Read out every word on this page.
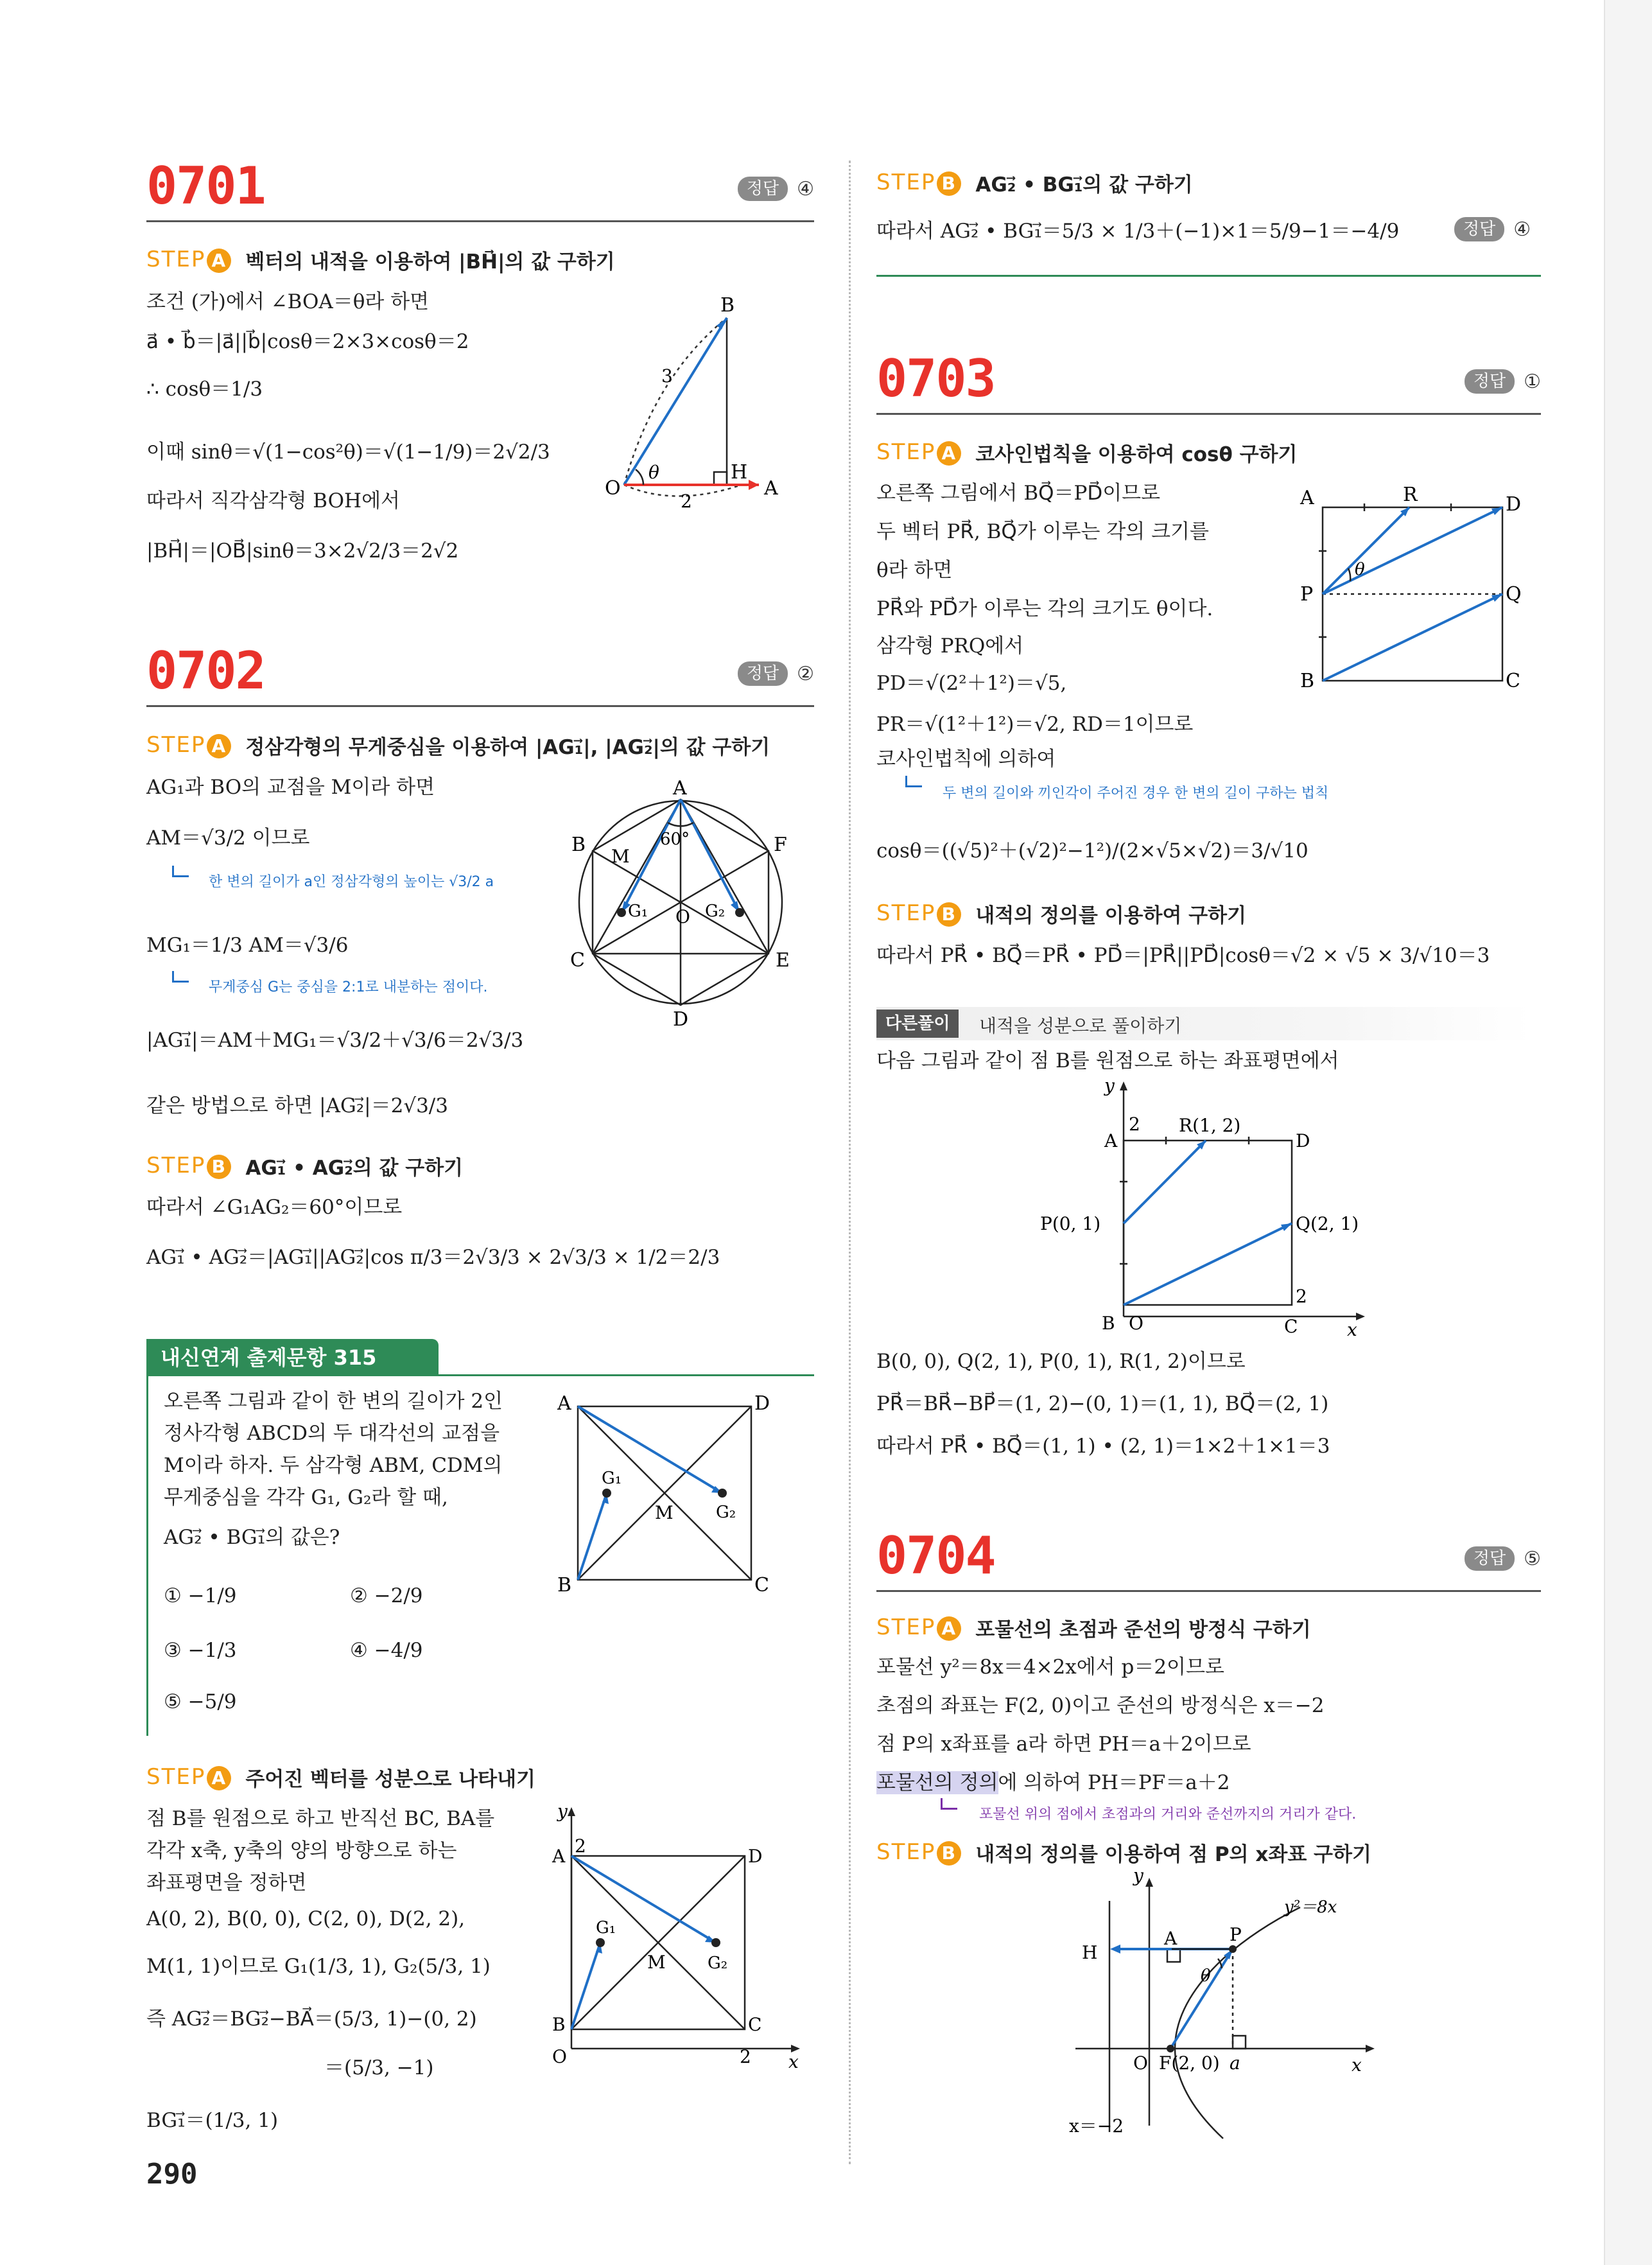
0701	정답 ④
STEP A 벡터의 내적을 이용하여 |BH⃗|의 값 구하기
조건 (가)에서 ∠BOA＝θ라 하면
a⃗ • b⃗＝|a⃗||b⃗|cosθ＝2×3×cosθ＝2
∴ cosθ＝1/3
이때 sinθ＝√(1−cos²θ)＝√(1−1/9)＝2√2/3
따라서 직각삼각형 BOH에서
|BH⃗|＝|OB⃗|sinθ＝3×2√2/3＝2√2
B
O
H
A
θ
3
2
0702	정답 ②
STEP A 정삼각형의 무게중심을 이용하여 |AG₁⃗|, |AG₂⃗|의 값 구하기
AG₁과 BO의 교점을 M이라 하면
AM＝√3/2 이므로
한 변의 길이가 a인 정삼각형의 높이는 √3/2 a
MG₁＝1/3 AM＝√3/6
무게중심 G는 중심을 2:1로 내분하는 점이다.
|AG₁⃗|＝AM＋MG₁＝√3/2＋√3/6＝2√3/3
같은 방법으로 하면 |AG₂⃗|＝2√3/3
STEP B AG₁⃗ • AG₂⃗의 값 구하기
따라서 ∠G₁AG₂＝60°이므로
AG₁⃗ • AG₂⃗＝|AG₁⃗||AG₂⃗|cos π/3＝2√3/3 × 2√3/3 × 1/2＝2/3
A
B	F
C	E
D
M
O
G₁	G₂
60°
내신연계 출제문항 315
오른쪽 그림과 같이 한 변의 길이가 2인
정사각형 ABCD의 두 대각선의 교점을
M이라 하자. 두 삼각형 ABM, CDM의
무게중심을 각각 G₁, G₂라 할 때,
AG₂⃗ • BG₁⃗의 값은?
① −1/9	② −2/9
③ −1/3	④ −4/9
⑤ −5/9
A	D
B	C
M
G₁
G₂
STEP A 주어진 벡터를 성분으로 나타내기
점 B를 원점으로 하고 반직선 BC, BA를
각각 x축, y축의 양의 방향으로 하는
좌표평면을 정하면
A(0, 2), B(0, 0), C(2, 0), D(2, 2),
M(1, 1)이므로 G₁(1/3, 1), G₂(5/3, 1)
즉 AG₂⃗＝BG₂⃗−BA⃗＝(5/3, 1)−(0, 2)
＝(5/3, −1)
BG₁⃗＝(1/3, 1)
y
x
A 2	D
B
O
C
2
M
G₁
G₂
290
STEP B AG₂⃗ • BG₁⃗의 값 구하기
따라서 AG₂⃗ • BG₁⃗＝5/3 × 1/3＋(−1)×1＝5/9−1＝−4/9	정답 ④
0703	정답 ①
STEP A 코사인법칙을 이용하여 cosθ 구하기
오른쪽 그림에서 BQ⃗＝PD⃗이므로
두 벡터 PR⃗, BQ⃗가 이루는 각의 크기를
θ라 하면
PR⃗와 PD⃗가 이루는 각의 크기도 θ이다.
삼각형 PRQ에서
PD＝√(2²＋1²)＝√5,
PR＝√(1²＋1²)＝√2, RD＝1이므로
코사인법칙에 의하여
두 변의 길이와 끼인각이 주어진 경우 한 변의 길이 구하는 법칙
cosθ＝((√5)²＋(√2)²−1²)/(2×√5×√2)＝3/√10
STEP B 내적의 정의를 이용하여 구하기
따라서 PR⃗ • BQ⃗＝PR⃗ • PD⃗＝|PR⃗||PD⃗|cosθ＝√2 × √5 × 3/√10＝3
A	R	D
P	Q
B	C
θ
다른풀이	내적을 성분으로 풀이하기
다음 그림과 같이 점 B를 원점으로 하는 좌표평면에서
y
x
2
A
R(1, 2)
D
P(0, 1)	Q(2, 1)
2
B O	C
B(0, 0), Q(2, 1), P(0, 1), R(1, 2)이므로
PR⃗＝BR⃗−BP⃗＝(1, 2)−(0, 1)＝(1, 1), BQ⃗＝(2, 1)
따라서 PR⃗ • BQ⃗＝(1, 1) • (2, 1)＝1×2＋1×1＝3
0704	정답 ⑤
STEP A 포물선의 초점과 준선의 방정식 구하기
포물선 y²＝8x＝4×2x에서 p＝2이므로
초점의 좌표는 F(2, 0)이고 준선의 방정식은 x＝−2
점 P의 x좌표를 a라 하면 PH＝a＋2이므로
포물선의 정의에 의하여 PH＝PF＝a＋2
포물선 위의 점에서 초점과의 거리와 준선까지의 거리가 같다.
STEP B 내적의 정의를 이용하여 점 P의 x좌표 구하기
y
x
H
A	P
y²＝8x
O F(2, 0) a
θ
x＝−2
